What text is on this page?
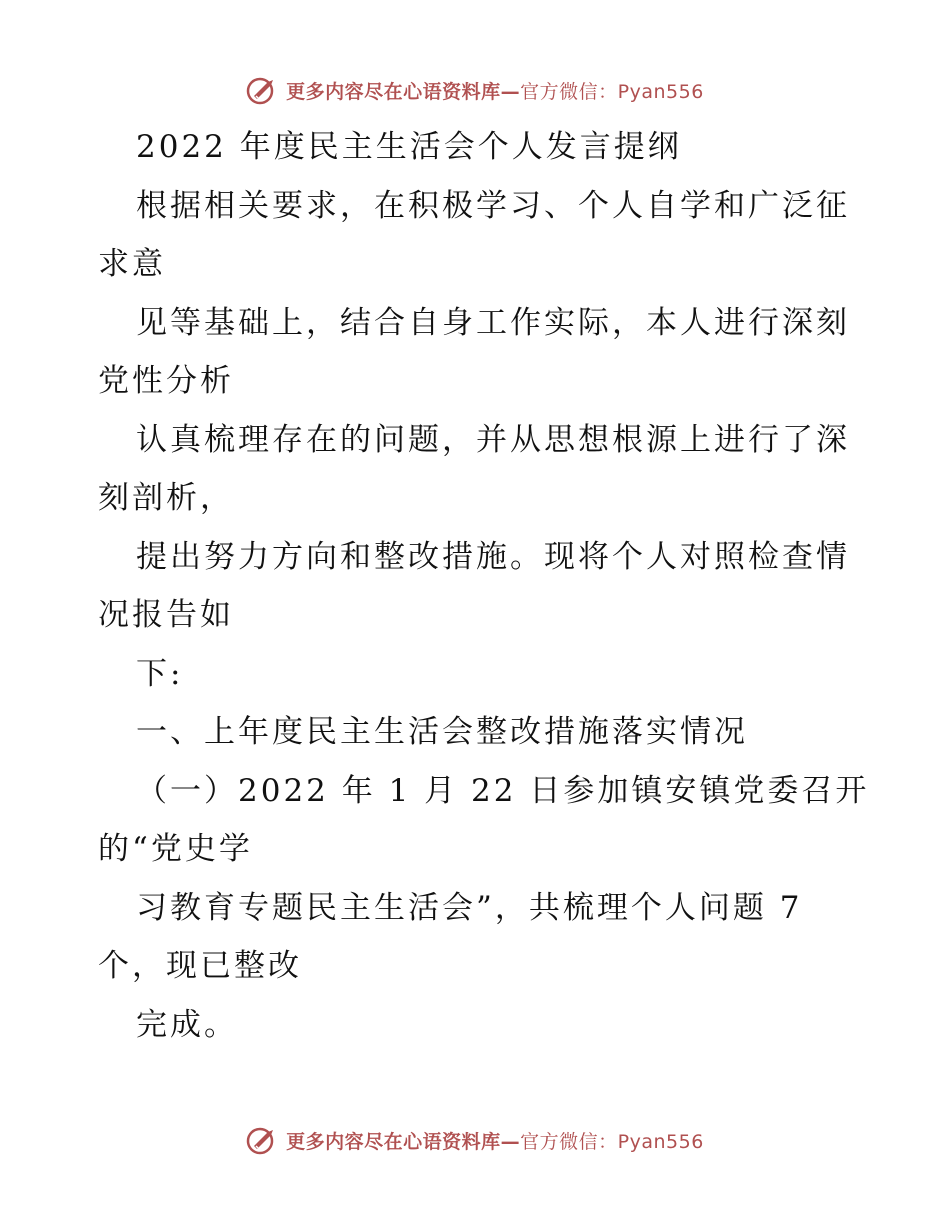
更多内容尽在心语资料库—官方微信：Pyan556
2022 年度民主生活会个人发言提纲
根据相关要求，在积极学习、个人自学和广泛征
求意
见等基础上，结合自身工作实际，本人进行深刻
党性分析
认真梳理存在的问题，并从思想根源上进行了深
刻剖析，
提出努力方向和整改措施。现将个人对照检查情
况报告如
下:
一、上年度民主生活会整改措施落实情况
（一）2022 年 1 月 22 日参加镇安镇党委召开
的“党史学
习教育专题民主生活会”，共梳理个人问题 7
个，现已整改
完成。
更多内容尽在心语资料库—官方微信：Pyan556
